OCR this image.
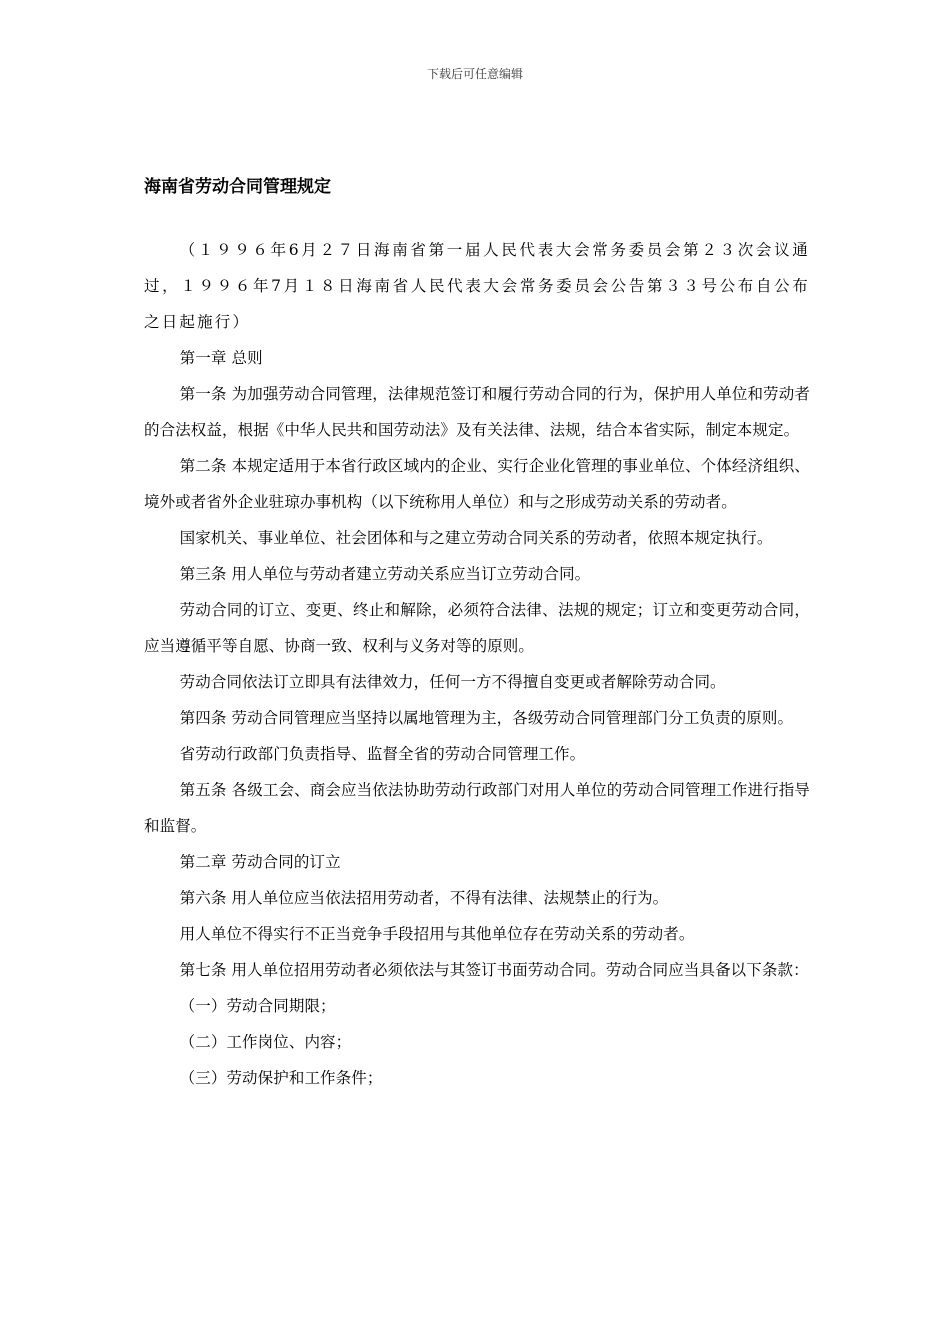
下载后可任意编辑
海南省劳动合同管理规定

（１９９６年6月２７日海南省第一届人民代表大会常务委员会第２３次会议通过，１９９６年7月１８日海南省人民代表大会常务委员会公告第３３号公布自公布之日起施行）

第一章 总则

第一条 为加强劳动合同管理，法律规范签订和履行劳动合同的行为，保护用人单位和劳动者的合法权益，根据《中华人民共和国劳动法》及有关法律、法规，结合本省实际，制定本规定。

第二条 本规定适用于本省行政区域内的企业、实行企业化管理的事业单位、个体经济组织、境外或者省外企业驻琼办事机构（以下统称用人单位）和与之形成劳动关系的劳动者。

国家机关、事业单位、社会团体和与之建立劳动合同关系的劳动者，依照本规定执行。

第三条 用人单位与劳动者建立劳动关系应当订立劳动合同。

劳动合同的订立、变更、终止和解除，必须符合法律、法规的规定；订立和变更劳动合同，应当遵循平等自愿、协商一致、权利与义务对等的原则。

劳动合同依法订立即具有法律效力，任何一方不得擅自变更或者解除劳动合同。

第四条 劳动合同管理应当坚持以属地管理为主，各级劳动合同管理部门分工负责的原则。

省劳动行政部门负责指导、监督全省的劳动合同管理工作。

第五条 各级工会、商会应当依法协助劳动行政部门对用人单位的劳动合同管理工作进行指导和监督。

第二章 劳动合同的订立

第六条 用人单位应当依法招用劳动者，不得有法律、法规禁止的行为。

用人单位不得实行不正当竞争手段招用与其他单位存在劳动关系的劳动者。

第七条 用人单位招用劳动者必须依法与其签订书面劳动合同。劳动合同应当具备以下条款：

（一）劳动合同期限；

（二）工作岗位、内容；

（三）劳动保护和工作条件；
